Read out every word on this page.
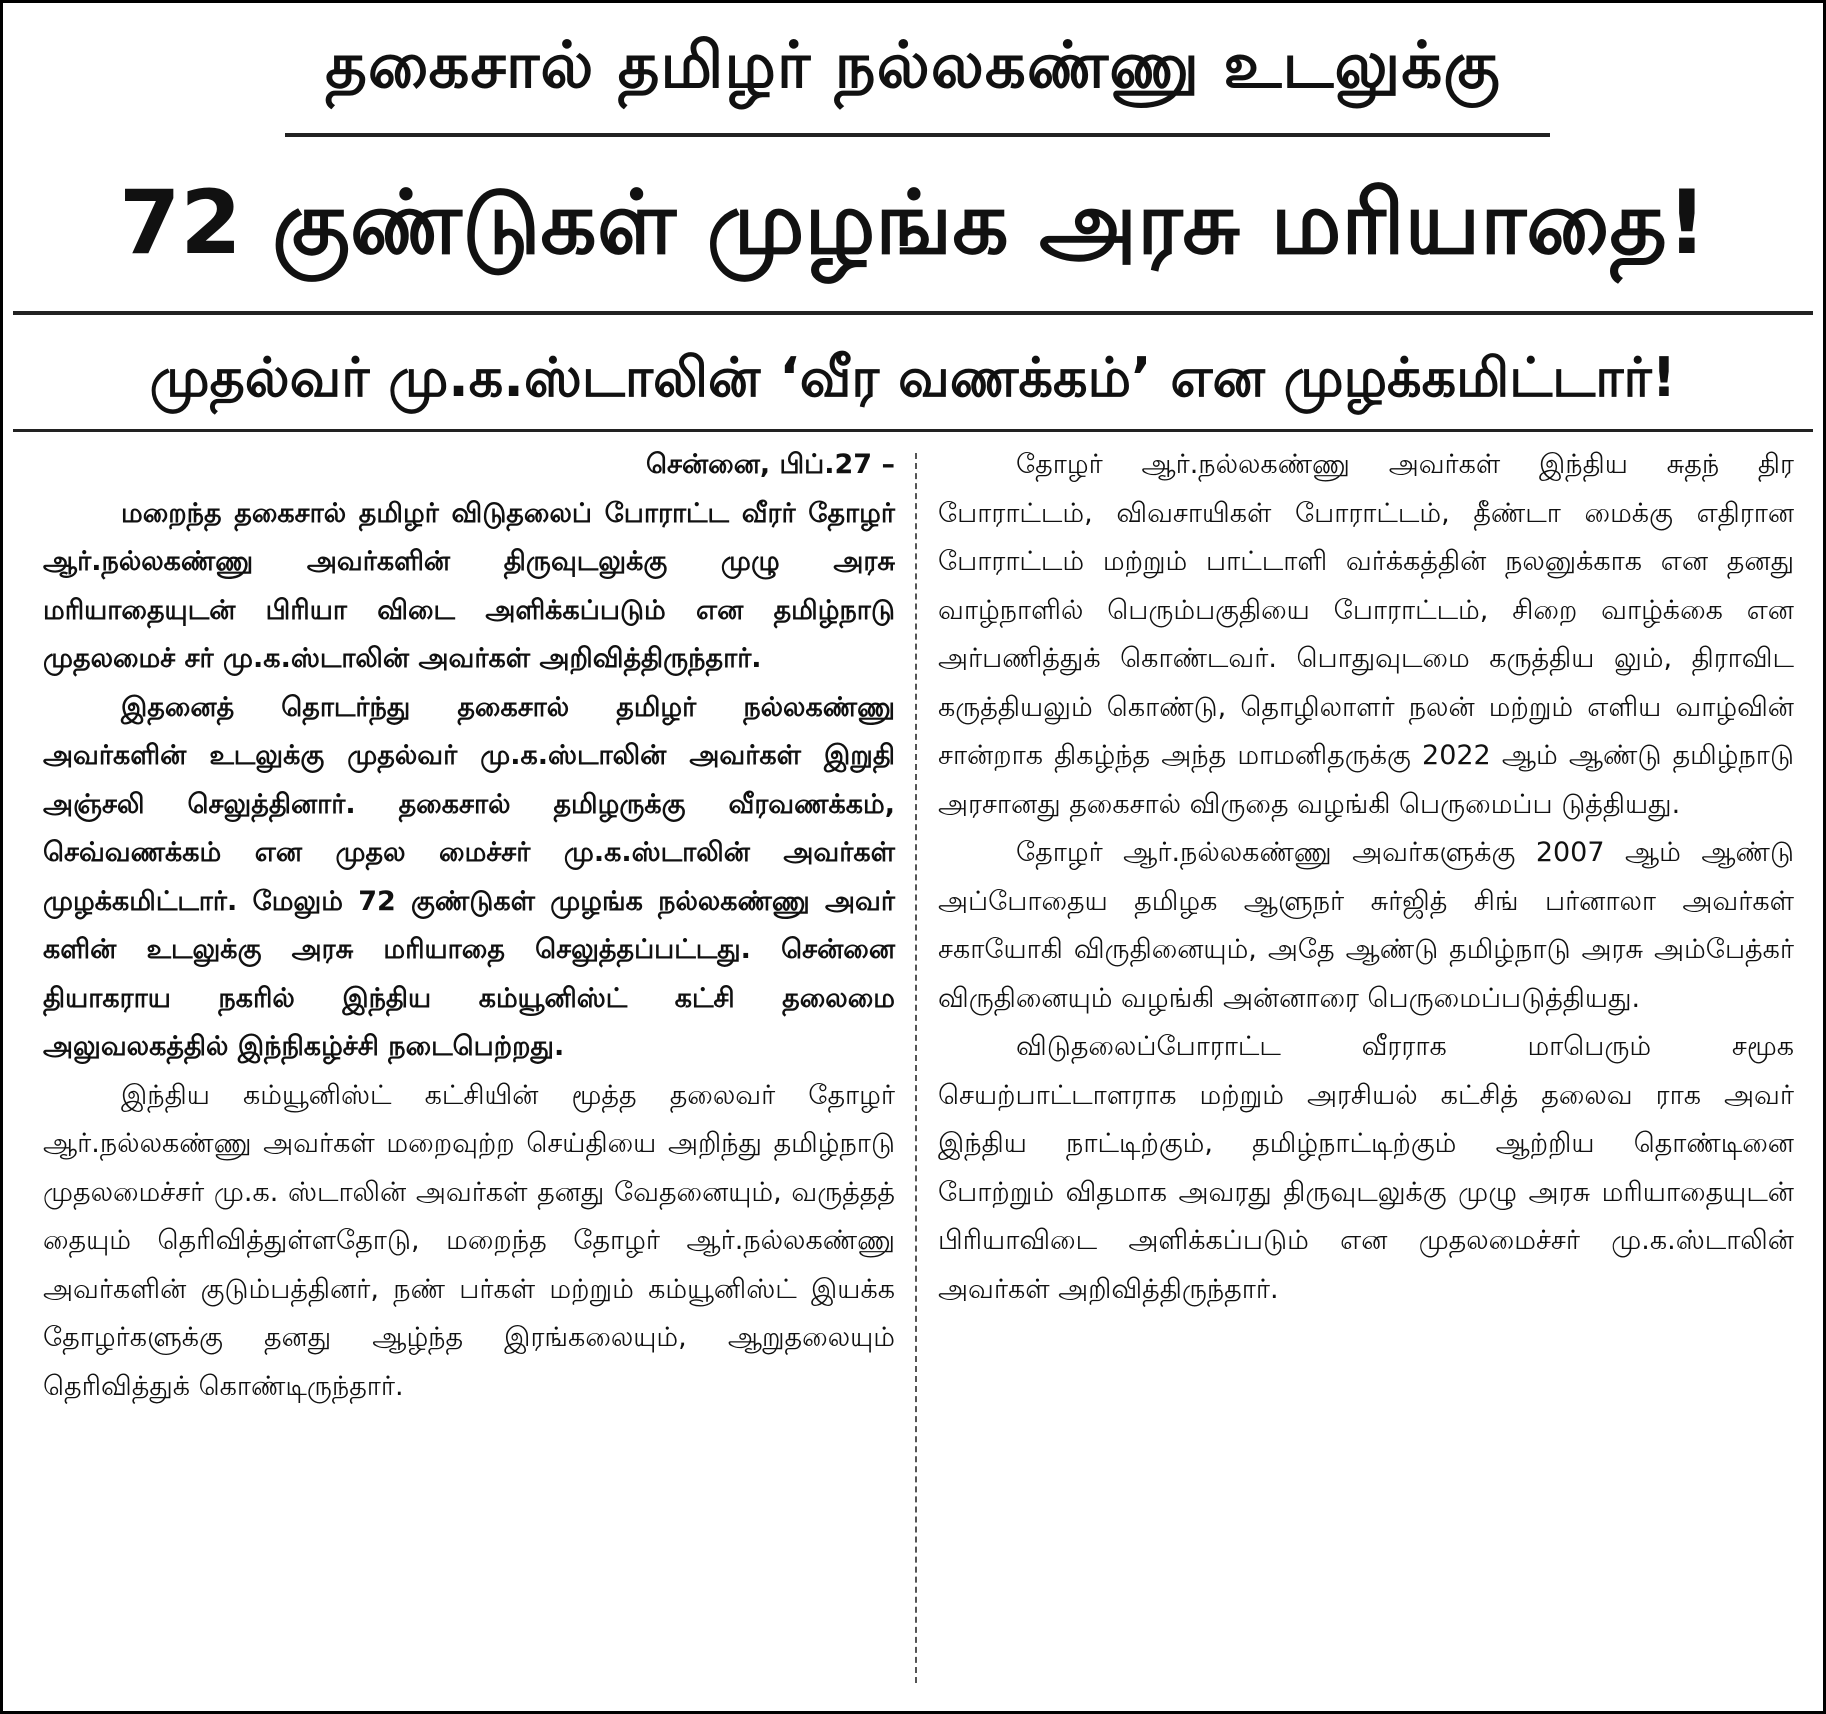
தகைசால் தமிழர் நல்லகண்ணு உடலுக்கு
72 குண்டுகள் முழங்க அரசு மரியாதை!
முதல்வர் மு.க.ஸ்டாலின் ‘வீர வணக்கம்’ என முழக்கமிட்டார்!
சென்னை, பிப்.27 –

மறைந்த தகைசால் தமிழர் விடுதலைப் போராட்ட வீரர் தோழர் ஆர்.நல்லகண்ணு அவர்களின் திருவுடலுக்கு முழு அரசு மரியாதையுடன் பிரியா விடை அளிக்கப்படும் என தமிழ்நாடு முதலமைச் சர் மு.க.ஸ்டாலின் அவர்கள் அறிவித்திருந்தார்.

இதனைத் தொடர்ந்து தகைசால் தமிழர் நல்லகண்ணு அவர்களின் உடலுக்கு முதல்வர் மு.க.ஸ்டாலின் அவர்கள் இறுதி அஞ்சலி செலுத்தினார். தகைசால் தமிழருக்கு வீரவணக்கம், செவ்வணக்கம் என முதல மைச்சர் மு.க.ஸ்டாலின் அவர்கள் முழக்கமிட்டார். மேலும் 72 குண்டுகள் முழங்க நல்லகண்ணு அவர் களின் உடலுக்கு அரசு மரியாதை செலுத்தப்பட்டது. சென்னை தியாகராய நகரில் இந்திய கம்யூனிஸ்ட் கட்சி தலைமை அலுவலகத்தில் இந்நிகழ்ச்சி நடைபெற்றது.

இந்திய கம்யூனிஸ்ட் கட்சியின் மூத்த தலைவர் தோழர் ஆர்.நல்லகண்ணு அவர்கள் மறைவுற்ற செய்தியை அறிந்து தமிழ்நாடு முதலமைச்சர் மு.க. ஸ்டாலின் அவர்கள் தனது வேதனையும், வருத்தத் தையும் தெரிவித்துள்ளதோடு, மறைந்த தோழர் ஆர்.நல்லகண்ணு அவர்களின் குடும்பத்தினர், நண் பர்கள் மற்றும் கம்யூனிஸ்ட் இயக்க தோழர்களுக்கு தனது ஆழ்ந்த இரங்கலையும், ஆறுதலையும் தெரிவித்துக் கொண்டிருந்தார்.

தோழர் ஆர்.நல்லகண்ணு அவர்கள் இந்திய சுதந் திர போராட்டம், விவசாயிகள் போராட்டம், தீண்டா மைக்கு எதிரான போராட்டம் மற்றும் பாட்டாளி வர்க்கத்தின் நலனுக்காக என தனது வாழ்நாளில் பெரும்பகுதியை போராட்டம், சிறை வாழ்க்கை என அர்பணித்துக் கொண்டவர். பொதுவுடமை கருத்திய லும், திராவிட கருத்தியலும் கொண்டு, தொழிலாளர் நலன் மற்றும் எளிய வாழ்வின் சான்றாக திகழ்ந்த அந்த மாமனிதருக்கு 2022 ஆம் ஆண்டு தமிழ்நாடு அரசானது தகைசால் விருதை வழங்கி பெருமைப்ப டுத்தியது.

தோழர் ஆர்.நல்லகண்ணு அவர்களுக்கு 2007 ஆம் ஆண்டு அப்போதைய தமிழக ஆளுநர் சுர்ஜித் சிங் பர்னாலா அவர்கள் சகாயோகி விருதினையும், அதே ஆண்டு தமிழ்நாடு அரசு அம்பேத்கர் விருதினையும் வழங்கி அன்னாரை பெருமைப்படுத்தியது.

விடுதலைப்போராட்ட வீரராக மாபெரும் சமூக செயற்பாட்டாளராக மற்றும் அரசியல் கட்சித் தலைவ ராக அவர் இந்திய நாட்டிற்கும், தமிழ்நாட்டிற்கும் ஆற்றிய தொண்டினை போற்றும் விதமாக அவரது திருவுடலுக்கு முழு அரசு மரியாதையுடன் பிரியாவிடை அளிக்கப்படும் என முதலமைச்சர் மு.க.ஸ்டாலின் அவர்கள் அறிவித்திருந்தார்.
